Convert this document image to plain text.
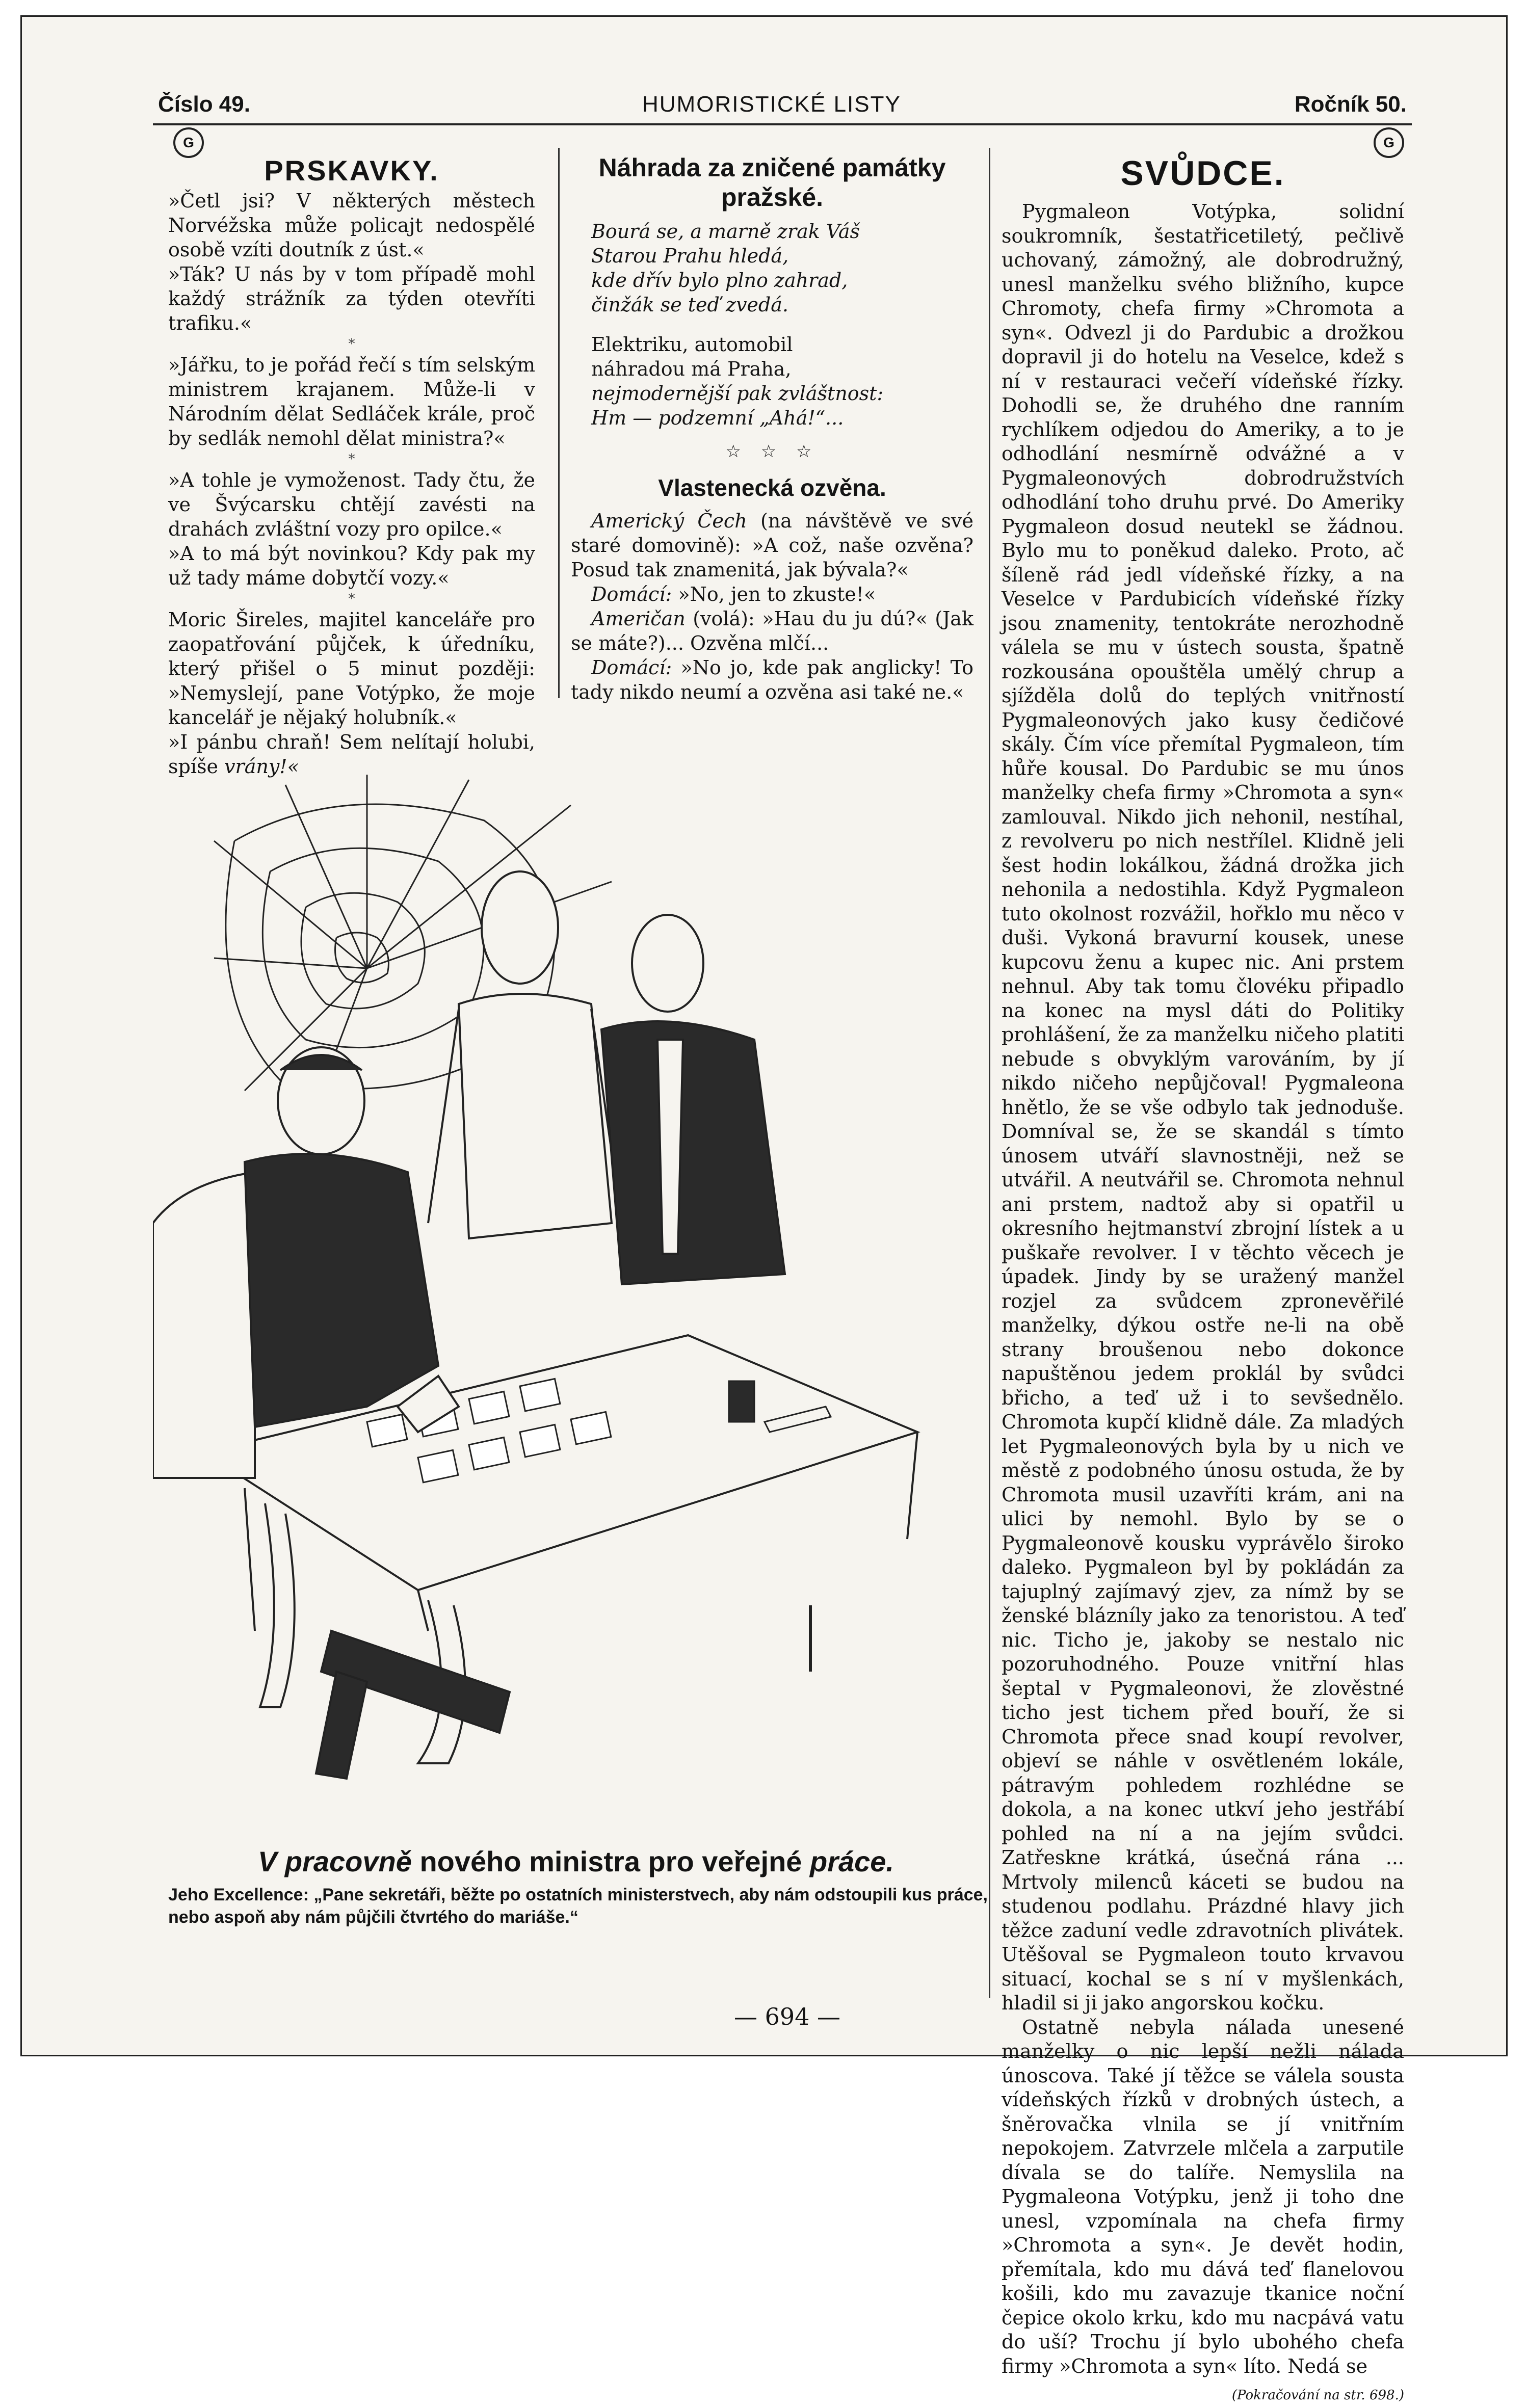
Číslo 49.	HUMORISTICKÉ LISTY	Ročník 50.
G	G
PRSKAVKY.

»Četl jsi? V některých městech Norvéžska může policajt nedospělé osobě vzíti doutník z úst.«

»Ták? U nás by v tom případě mohl každý strážník za týden otevříti trafiku.«

*

»Jářku, to je pořád řečí s tím selským ministrem krajanem. Může-li v Národním dělat Sedláček krále, proč by sedlák nemohl dělat ministra?«

*

»A tohle je vymoženost. Tady čtu, že ve Švýcarsku chtějí zavésti na drahách zvláštní vozy pro opilce.«

»A to má být novinkou? Kdy pak my už tady máme dobytčí vozy.«

*

Moric Šireles, majitel kanceláře pro zaopatřování půjček, k úředníku, který přišel o 5 minut později: »Nemyslejí, pane Votýpko, že moje kancelář je nějaký holubník.«

»I pánbu chraň! Sem nelítají holubi, spíše vrány!«

Náhrada za zničené památky pražské.

Bourá se, a marně zrak Váš

Starou Prahu hledá,

kde dřív bylo plno zahrad,

činžák se teď zvedá.

Elektriku, automobil

náhradou má Praha,

nejmodernější pak zvláštnost:

Hm — podzemní „Ahá!“...

☆ ☆ ☆
Vlastenecká ozvěna.

Americký Čech (na návštěvě ve své staré domovině): »A což, naše ozvěna? Posud tak znamenitá, jak bývala?«

Domácí: »No, jen to zkuste!«

Američan (volá): »Hau du ju dú?« (Jak se máte?)... Ozvěna mlčí...

Domácí: »No jo, kde pak anglicky! To tady nikdo neumí a ozvěna asi také ne.«

V pracovně nového ministra pro veřejné práce.
Jeho Excellence: „Pane sekretáři, běžte po ostatních ministerstvech, aby nám odstoupili kus práce, nebo aspoň aby nám půjčili čtvrtého do mariáše.“
SVŮDCE.

Pygmaleon Votýpka, solidní soukromník, šestatřicetiletý, pečlivě uchovaný, zámožný, ale dobrodružný, unesl manželku svého bližního, kupce Chromoty, chefa firmy »Chromota a syn«. Odvezl ji do Pardubic a drožkou dopravil ji do hotelu na Veselce, kdež s ní v restauraci večeří vídeňské řízky. Dohodli se, že druhého dne ranním rychlíkem odjedou do Ameriky, a to je odhodlání nesmírně odvážné a v Pygmaleonových dobrodružstvích odhodlání toho druhu prvé. Do Ameriky Pygmaleon dosud neutekl se žádnou. Bylo mu to poněkud daleko. Proto, ač šíleně rád jedl vídeňské řízky, a na Veselce v Pardubicích vídeňské řízky jsou znamenity, tentokráte nerozhodně válela se mu v ústech sousta, špatně rozkousána opouštěla umělý chrup a sjížděla dolů do teplých vnitřností Pygmaleonových jako kusy čedičové skály. Čím více přemítal Pygmaleon, tím hůře kousal. Do Pardubic se mu únos manželky chefa firmy »Chromota a syn« zamlouval. Nikdo jich nehonil, nestíhal, z revolveru po nich nestřílel. Klidně jeli šest hodin lokálkou, žádná drožka jich nehonila a nedostihla. Když Pygmaleon tuto okolnost rozvážil, hořklo mu něco v duši. Vykoná bravurní kousek, unese kupcovu ženu a kupec nic. Ani prstem nehnul. Aby tak tomu človéku připadlo na konec na mysl dáti do Politiky prohlášení, že za manželku ničeho platiti nebude s obvyklým varováním, by jí nikdo ničeho nepůjčoval! Pygmaleona hnětlo, že se vše odbylo tak jednoduše. Domníval se, že se skandál s tímto únosem utváří slavnostněji, než se utvářil. A neutvářil se. Chromota nehnul ani prstem, nadtož aby si opatřil u okresního hejtmanství zbrojní lístek a u puškaře revolver. I v těchto věcech je úpadek. Jindy by se uražený manžel rozjel za svůdcem zpronevěřilé manželky, dýkou ostře ne-li na obě strany broušenou nebo dokonce napuštěnou jedem proklál by svůdci břicho, a teď už i to sevšednělo. Chromota kupčí klidně dále. Za mladých let Pygmaleonových byla by u nich ve městě z podobného únosu ostuda, že by Chromota musil uzavříti krám, ani na ulici by nemohl. Bylo by se o Pygmaleonově kousku vyprávělo široko daleko. Pygmaleon byl by pokládán za tajuplný zajímavý zjev, za nímž by se ženské blázníly jako za tenoristou. A teď nic. Ticho je, jakoby se nestalo nic pozoruhodného. Pouze vnitřní hlas šeptal v Pygmaleonovi, že zlověstné ticho jest tichem před bouří, že si Chromota přece snad koupí revolver, objeví se náhle v osvětleném lokále, pátravým pohledem rozhlédne se dokola, a na konec utkví jeho jestřábí pohled na ní a na jejím svůdci. Zatřeskne krátká, úsečná rána ... Mrtvoly milenců káceti se budou na studenou podlahu. Prázdné hlavy jich těžce zaduní vedle zdravotních plivátek. Utěšoval se Pygmaleon touto krvavou situací, kochal se s ní v myšlenkách, hladil si ji jako angorskou kočku.

Ostatně nebyla nálada unesené manželky o nic lepší nežli nálada únoscova. Také jí těžce se válela sousta vídeňských řízků v drobných ústech, a šněrovačka vlnila se jí vnitřním nepokojem. Zatvrzele mlčela a zarputile dívala se do talíře. Nemyslila na Pygmaleona Votýpku, jenž ji toho dne unesl, vzpomínala na chefa firmy »Chromota a syn«. Je devět hodin, přemítala, kdo mu dává teď flanelovou košili, kdo mu zavazuje tkanice noční čepice okolo krku, kdo mu nacpává vatu do uší? Trochu jí bylo ubohého chefa firmy »Chromota a syn« líto. Nedá se

(Pokračování na str. 698.)
— 694 —
